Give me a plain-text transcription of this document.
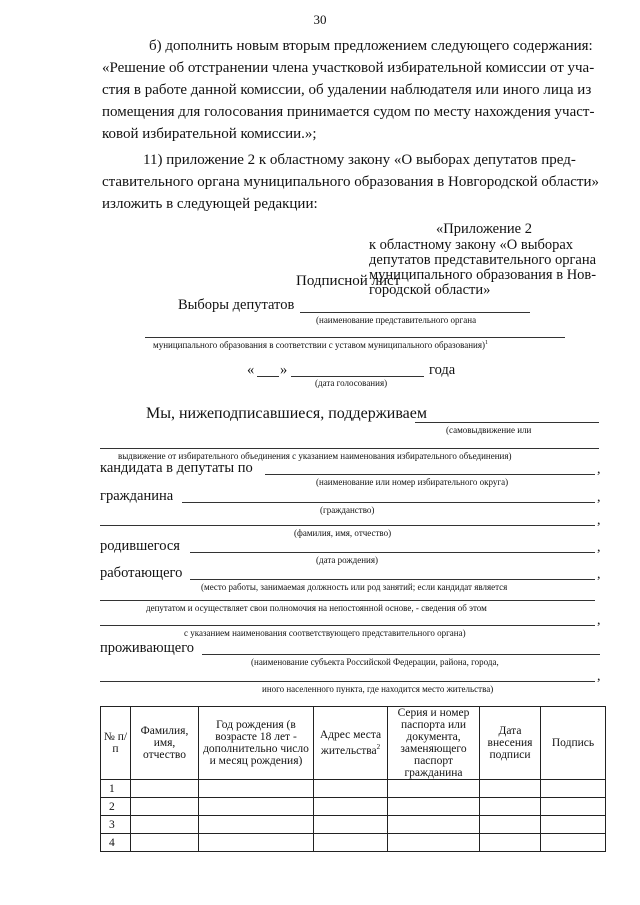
30
б) дополнить новым вторым предложением следующего содержания:
«Решение об отстранении члена участковой избирательной комиссии от уча-
стия в работе данной комиссии, об удалении наблюдателя или иного лица из
помещения для голосования принимается судом по месту нахождения участ-
ковой избирательной комиссии.»;
11) приложение 2 к областному закону «О выборах депутатов пред-
ставительного органа муниципального образования в Новгородской области»
изложить в следующей редакции:
«Приложение 2
к областному закону «О выборах
депутатов представительного органа
муниципального образования в Нов-
городской области»
Подписной лист
Выборы депутатов
(наименование представительного органа
муниципального образования в соответствии с уставом муниципального образования)$^1$
« »	года
(дата голосования)
Мы, нижеподписавшиеся, поддерживаем
(самовыдвижение или
выдвижение от избирательного объединения с указанием наименования избирательного объединения)
кандидата в депутаты по	,
(наименование или номер избирательного округа)
гражданина	,
(гражданство)
,
(фамилия, имя, отчество)
родившегося	,
(дата рождения)
работающего	,
(место работы, занимаемая должность или род занятий; если кандидат является
депутатом и осуществляет свои полномочия на непостоянной основе, - сведения об этом
,
с указанием наименования соответствующего представительного органа)
проживающего
(наименование субъекта Российской Федерации, района, города,
,
иного населенного пункта, где находится место жительства)
№ п/п	Фамилия, имя, отчество	Год рождения (в возрасте 18 лет - дополнительно число и месяц рождения)	Адрес места жительства$^2$	Серия и номер паспорта или документа, заменяющего паспорт гражданина	Дата внесения подписи	Подпись
1						
2						
3						
4						
